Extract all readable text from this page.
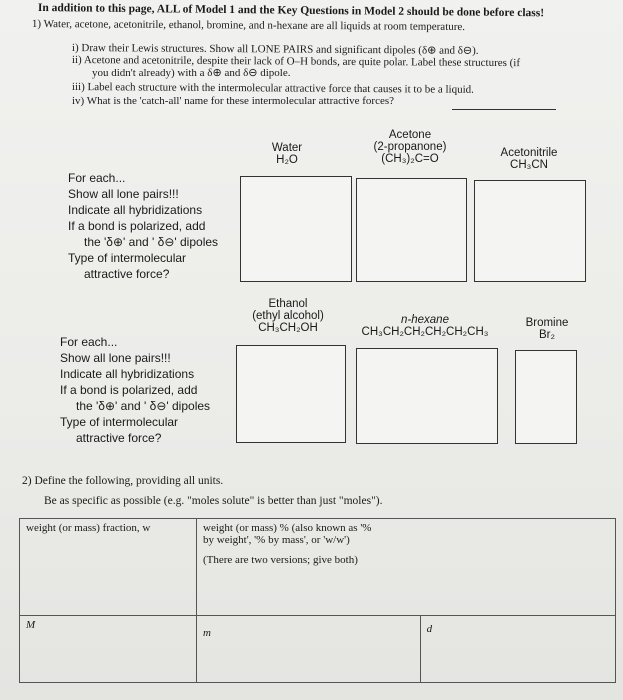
In addition to this page, ALL of Model 1 and the Key Questions in Model 2 should be done before class!
1) Water, acetone, acetonitrile, ethanol, bromine, and n-hexane are all liquids at room temperature.
i) Draw their Lewis structures. Show all LONE PAIRS and significant dipoles (δ⊕ and δ⊖).
ii) Acetone and acetonitrile, despite their lack of O–H bonds, are quite polar. Label these structures (if
you didn't already) with a δ⊕ and δ⊖ dipole.
iii) Label each structure with the intermolecular attractive force that causes it to be a liquid.
iv) What is the 'catch-all' name for these intermolecular attractive forces?
Water
H₂O
Acetone
(2-propanone)
(CH₃)₂C=O	Acetonitrile
CH₃CN
For each...
Show all lone pairs!!!
Indicate all hybridizations
If a bond is polarized, add
the 'δ⊕' and ' δ⊖' dipoles
Type of intermolecular
attractive force?
Ethanol
(ethyl alcohol)
CH₃CH₂OH
n-hexane
CH₃CH₂CH₂CH₂CH₂CH₃
Bromine
Br₂
For each...
Show all lone pairs!!!
Indicate all hybridizations
If a bond is polarized, add
the 'δ⊕' and ' δ⊖' dipoles
Type of intermolecular
attractive force?
2) Define the following, providing all units.
Be as specific as possible (e.g. "moles solute" is better than just "moles").
weight (or mass) fraction, w	weight (or mass) % (also known as '%
by weight', '% by mass', or 'w/w')
(There are two versions; give both)	

M	m	d
